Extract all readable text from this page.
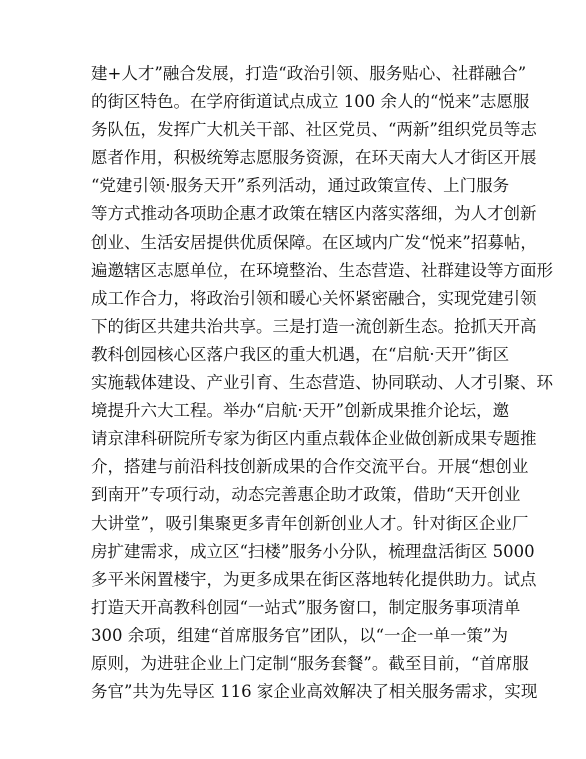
建+人才”融合发展，打造“政治引领、服务贴心、社群融合”
的街区特色。在学府街道试点成立 100 余人的“悦来”志愿服
务队伍，发挥广大机关干部、社区党员、“两新”组织党员等志
愿者作用，积极统筹志愿服务资源，在环天南大人才街区开展
“党建引领·服务天开”系列活动，通过政策宣传、上门服务
等方式推动各项助企惠才政策在辖区内落实落细，为人才创新
创业、生活安居提供优质保障。在区域内广发“悦来”招募帖，
遍邀辖区志愿单位，在环境整治、生态营造、社群建设等方面形
成工作合力，将政治引领和暖心关怀紧密融合，实现党建引领
下的街区共建共治共享。三是打造一流创新生态。抢抓天开高
教科创园核心区落户我区的重大机遇，在“启航·天开”街区
实施载体建设、产业引育、生态营造、协同联动、人才引聚、环
境提升六大工程。举办“启航·天开”创新成果推介论坛，邀
请京津科研院所专家为街区内重点载体企业做创新成果专题推
介，搭建与前沿科技创新成果的合作交流平台。开展“想创业
到南开”专项行动，动态完善惠企助才政策，借助“天开创业
大讲堂”，吸引集聚更多青年创新创业人才。针对街区企业厂
房扩建需求，成立区“扫楼”服务小分队，梳理盘活街区 5000
多平米闲置楼宇，为更多成果在街区落地转化提供助力。试点
打造天开高教科创园“一站式”服务窗口，制定服务事项清单
300 余项，组建“首席服务官”团队，以“一企一单一策”为
原则，为进驻企业上门定制“服务套餐”。截至目前，“首席服
务官”共为先导区 116 家企业高效解决了相关服务需求，实现
